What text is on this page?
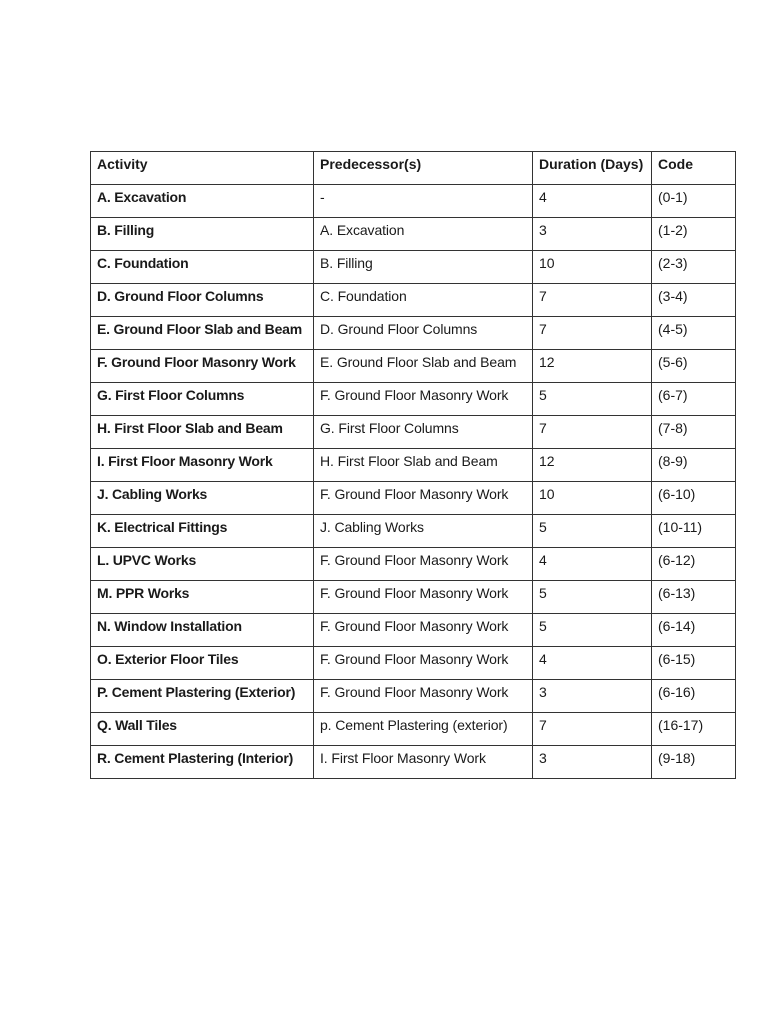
Activity	Predecessor(s)	Duration (Days)	Code
A. Excavation	-	4	(0-1)
B. Filling	A. Excavation	3	(1-2)
C. Foundation	B. Filling	10	(2-3)
D. Ground Floor Columns	C. Foundation	7	(3-4)
E. Ground Floor Slab and Beam	D. Ground Floor Columns	7	(4-5)
F. Ground Floor Masonry Work	E. Ground Floor Slab and Beam	12	(5-6)
G. First Floor Columns	F. Ground Floor Masonry Work	5	(6-7)
H. First Floor Slab and Beam	G. First Floor Columns	7	(7-8)
I. First Floor Masonry Work	H. First Floor Slab and Beam	12	(8-9)
J. Cabling Works	F. Ground Floor Masonry Work	10	(6-10)
K. Electrical Fittings	J. Cabling Works	5	(10-11)
L. UPVC Works	F. Ground Floor Masonry Work	4	(6-12)
M. PPR Works	F. Ground Floor Masonry Work	5	(6-13)
N. Window Installation	F. Ground Floor Masonry Work	5	(6-14)
O. Exterior Floor Tiles	F. Ground Floor Masonry Work	4	(6-15)
P. Cement Plastering (Exterior)	F. Ground Floor Masonry Work	3	(6-16)
Q. Wall Tiles	p. Cement Plastering (exterior)	7	(16-17)
R. Cement Plastering (Interior)	I. First Floor Masonry Work	3	(9-18)
